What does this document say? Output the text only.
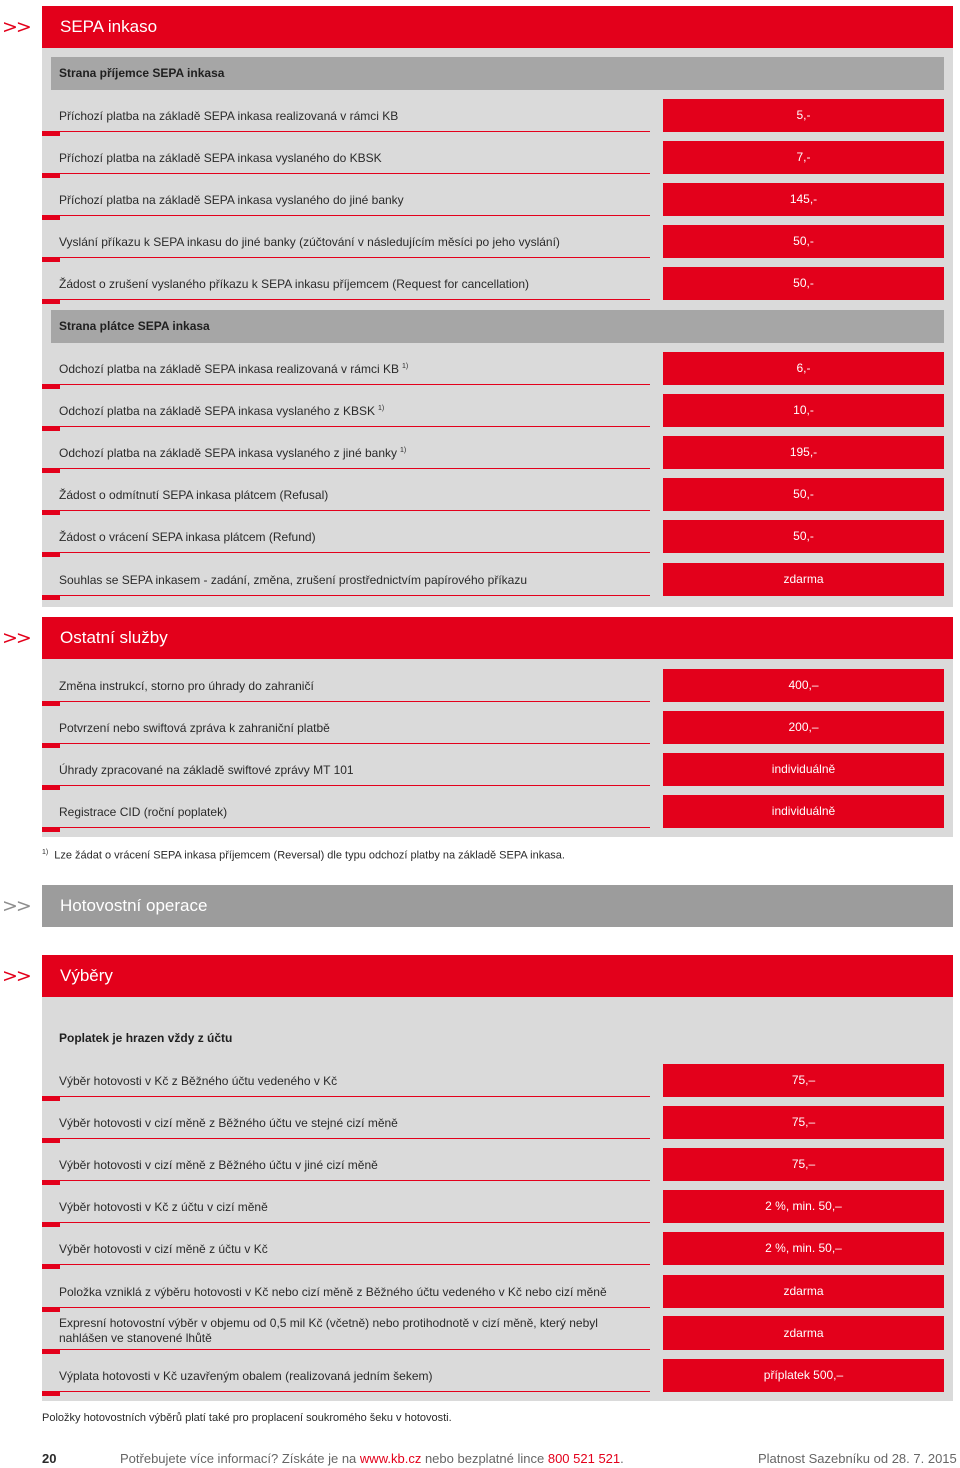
>>	SEPA inkaso
Strana příjemce SEPA inkasa
Příchozí platba na základě SEPA inkasa realizovaná v rámci KB	5,-
Příchozí platba na základě SEPA inkasa vyslaného do KBSK	7,-
Příchozí platba na základě SEPA inkasa vyslaného do jiné banky	145,-
Vyslání příkazu k SEPA inkasu do jiné banky (zúčtování v následujícím měsíci po jeho vyslání)	50,-
Žádost o zrušení vyslaného příkazu k SEPA inkasu příjemcem (Request for cancellation)	50,-
Strana plátce SEPA inkasa
Odchozí platba na základě SEPA inkasa realizovaná v rámci KB $^{1)}$	6,-
Odchozí platba na základě SEPA inkasa vyslaného z KBSK $^{1)}$	10,-
Odchozí platba na základě SEPA inkasa vyslaného z jiné banky $^{1)}$	195,-
Žádost o odmítnutí SEPA inkasa plátcem (Refusal)	50,-
Žádost o vrácení SEPA inkasa plátcem (Refund)	50,-
Souhlas se SEPA inkasem - zadání, změna, zrušení prostřednictvím papírového příkazu	zdarma
>>	Ostatní služby
Změna instrukcí, storno pro úhrady do zahraničí	400,–
Potvrzení nebo swiftová zpráva k zahraniční platbě	200,–
Úhrady zpracované na základě swiftové zprávy MT 101	individuálně
Registrace CID (roční poplatek)	individuálně
$^{1)}$ Lze žádat o vrácení SEPA inkasa příjemcem (Reversal) dle typu odchozí platby na základě SEPA inkasa.
>>	Hotovostní operace
>>	Výběry
Poplatek je hrazen vždy z účtu
Výběr hotovosti v Kč z Běžného účtu vedeného v Kč	75,–
Výběr hotovosti v cizí měně z Běžného účtu ve stejné cizí měně	75,–
Výběr hotovosti v cizí měně z Běžného účtu v jiné cizí měně	75,–
Výběr hotovosti v Kč z účtu v cizí měně	2 %, min. 50,–
Výběr hotovosti v cizí měně z účtu v Kč	2 %, min. 50,–
Položka vzniklá z výběru hotovosti v Kč nebo cizí měně z Běžného účtu vedeného v Kč nebo cizí měně	zdarma
Expresní hotovostní výběr v objemu od 0,5 mil Kč (včetně) nebo protihodnotě v cizí měně, který nebyl nahlášen ve stanovené lhůtě	zdarma
Výplata hotovosti v Kč uzavřeným obalem (realizovaná jedním šekem)	příplatek 500,–
Položky hotovostních výběrů platí také pro proplacení soukromého šeku v hotovosti.
20	Potřebujete více informací? Získáte je na www.kb.cz nebo bezplatné lince 800 521 521.	Platnost Sazebníku od 28. 7. 2015
